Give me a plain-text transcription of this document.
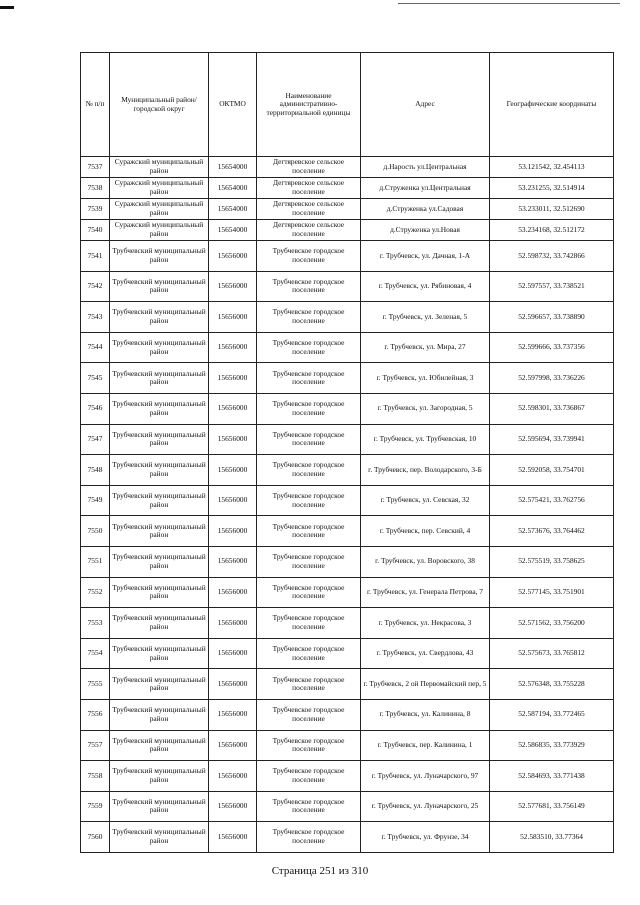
№ п/п	Муниципальный район/городской округ	ОКТМО	Наименование административно-территориальной единицы	Адрес	Географические координаты
7537	Суражский муниципальный район	15654000	Дегтяревское сельское поселение	д.Нарость ул.Центральная	53.121542, 32.454113
7538	Суражский муниципальный район	15654000	Дегтяревское сельское поселение	д.Струженка ул.Центральная	53.231255, 32.514914
7539	Суражский муниципальный район	15654000	Дегтяревское сельское поселение	д.Струженка ул.Садовая	53.233011, 32.512690
7540	Суражский муниципальный район	15654000	Дегтяревское сельское поселение	д.Струженка ул.Новая	53.234168, 32.512172
7541	Трубчевский муниципальный район	15656000	Трубчевское городское поселение	г. Трубчевск, ул. Дачная, 1-А	52.598732, 33.742866
7542	Трубчевский муниципальный район	15656000	Трубчевское городское поселение	г. Трубчевск, ул. Рябиновая, 4	52.597557, 33.738521
7543	Трубчевский муниципальный район	15656000	Трубчевское городское поселение	г. Трубчевск, ул. Зеленая, 5	52.596657, 33.738890
7544	Трубчевский муниципальный район	15656000	Трубчевское городское поселение	г. Трубчевск, ул. Мира, 27	52.599666, 33.737356
7545	Трубчевский муниципальный район	15656000	Трубчевское городское поселение	г. Трубчевск, ул. Юбилейная, 3	52.597998, 33.736226
7546	Трубчевский муниципальный район	15656000	Трубчевское городское поселение	г. Трубчевск, ул. Загородная, 5	52.598301, 33.736867
7547	Трубчевский муниципальный район	15656000	Трубчевское городское поселение	г. Трубчевск, ул. Трубчевская, 10	52.595694, 33.739941
7548	Трубчевский муниципальный район	15656000	Трубчевское городское поселение	г. Трубчевск, пер. Володарского, 3-Б	52.592058, 33.754701
7549	Трубчевский муниципальный район	15656000	Трубчевское городское поселение	г. Трубчевск, ул. Севская, 32	52.575421, 33.762756
7550	Трубчевский муниципальный район	15656000	Трубчевское городское поселение	г. Трубчевск, пер. Севский, 4	52.573676, 33.764462
7551	Трубчевский муниципальный район	15656000	Трубчевское городское поселение	г. Трубчевск, ул. Воровского, 38	52.575519, 33.758625
7552	Трубчевский муниципальный район	15656000	Трубчевское городское поселение	г. Трубчевск, ул. Генерала Петрова, 7	52.577145, 33.751901
7553	Трубчевский муниципальный район	15656000	Трубчевское городское поселение	г. Трубчевск, ул. Некрасова, 3	52.571562, 33.756200
7554	Трубчевский муниципальный район	15656000	Трубчевское городское поселение	г. Трубчевск, ул. Свердлова, 43	52.575673, 33.765812
7555	Трубчевский муниципальный район	15656000	Трубчевское городское поселение	г. Трубчевск, 2 ой Первомайский пер, 5	52.576348, 33.755228
7556	Трубчевский муниципальный район	15656000	Трубчевское городское поселение	г. Трубчевск, ул. Калинина, 8	52.587194, 33.772465
7557	Трубчевский муниципальный район	15656000	Трубчевское городское поселение	г. Трубчевск, пер. Калинина, 1	52.586835, 33.773929
7558	Трубчевский муниципальный район	15656000	Трубчевское городское поселение	г. Трубчевск, ул. Луначарского, 97	52.584693, 33.771438
7559	Трубчевский муниципальный район	15656000	Трубчевское городское поселение	г. Трубчевск, ул. Луначарского, 25	52.577681, 33.756149
7560	Трубчевский муниципальный район	15656000	Трубчевское городское поселение	г. Трубчевск, ул. Фрунзе, 34	52.583510, 33.77364
Страница 251 из 310
